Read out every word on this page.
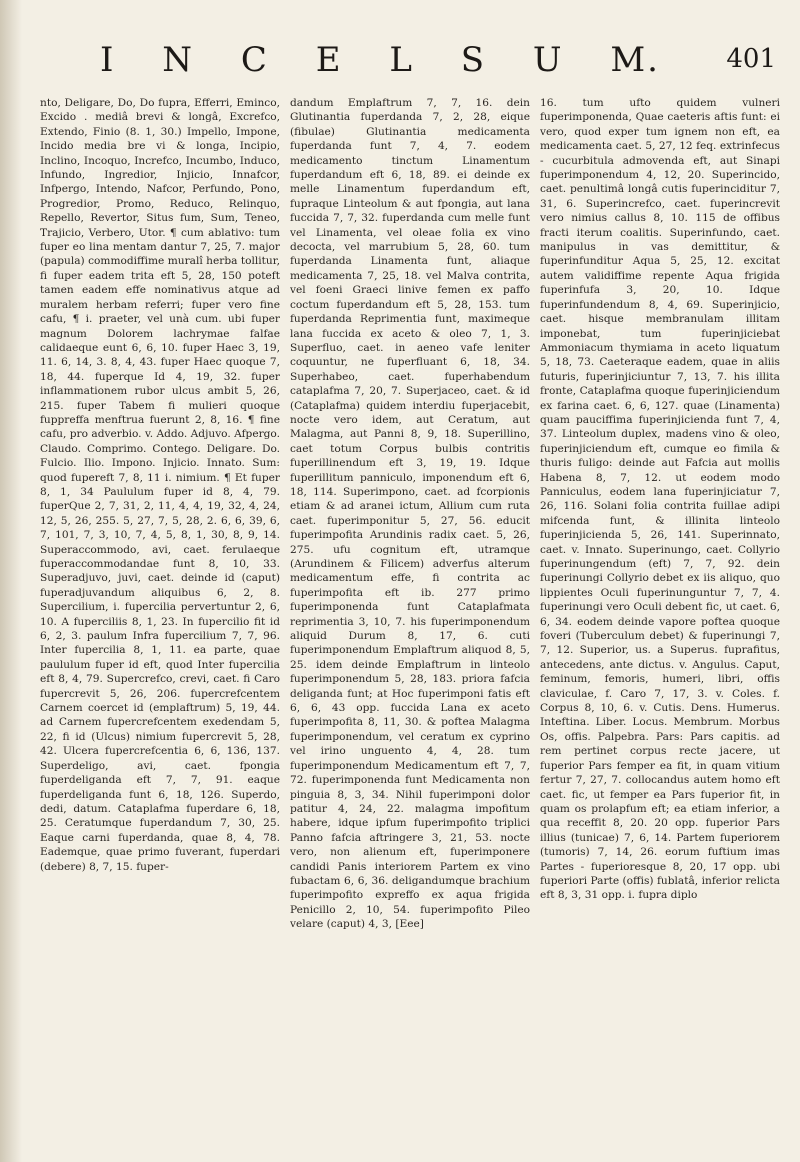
I N C E L S U M.	401

nto, Deligare, Do, Do fupra, Efferri, Eminco, Excido . mediâ brevi & longâ, Excrefco, Extendo, Finio (8. 1, 30.) Impello, Impone, Incido media bre vi & longa, Incipio, Inclino, Incoquo, Increfco, Incumbo, Induco, Infundo, Ingredior, Injicio, Innafcor, Infpergo, Intendo, Nafcor, Perfundo, Pono, Progredior, Promo, Reduco, Relinquo, Repello, Revertor, Situs fum, Sum, Teneo, Trajicio, Verbero, Utor. ¶ cum ablativo: tum fuper eo lina mentam dantur 7, 25, 7. major (papula) commodiffime muralî herba tollitur, fi fuper eadem trita eft 5, 28, 150 poteft tamen eadem effe nominativus atque ad muralem herbam referri; fuper vero fine cafu, ¶ i. praeter, vel unà cum. ubi fuper magnum Dolorem lachrymae falfae calidaeque eunt 6, 6, 10. fuper Haec 3, 19, 11. 6, 14, 3. 8, 4, 43. fuper Haec quoque 7, 18, 44. fuperque Id 4, 19, 32. fuper inflammationem rubor ulcus ambit 5, 26, 215. fuper Tabem fi mulieri quoque fuppreffa menftrua fuerunt 2, 8, 16. ¶ fine cafu, pro adverbio. v. Addo. Adjuvo. Afpergo. Claudo. Comprimo. Contego. Deligare. Do. Fulcio. Ilio. Impono. Injicio. Innato. Sum: quod fupereft 7, 8, 11 i. nimium. ¶ Et fuper 8, 1, 34 Paululum fuper id 8, 4, 79. fuperQue 2, 7, 31, 2, 11, 4, 4, 19, 32, 4, 24, 12, 5, 26, 255. 5, 27, 7, 5, 28, 2. 6, 6, 39, 6, 7, 101, 7, 3, 10, 7, 4, 5, 8, 1, 30, 8, 9, 14. Superaccommodo, avi, caet. ferulaeque fuperaccommodandae funt 8, 10, 33. Superadjuvo, juvi, caet. deinde id (caput) fuperadjuvandum aliquibus 6, 2, 8. Supercilium, i. fupercilia pervertuntur 2, 6, 10. A fuperciliis 8, 1, 23. In fupercilio fit id 6, 2, 3. paulum Infra fupercilium 7, 7, 96. Inter fupercilia 8, 1, 11. ea parte, quae paululum fuper id eft, quod Inter fupercilia eft 8, 4, 79. Supercrefco, crevi, caet. fi Caro fupercrevit 5, 26, 206. fupercrefcentem Carnem coercet id (emplaftrum) 5, 19, 44. ad Carnem fupercrefcentem exedendam 5, 22, fi id (Ulcus) nimium fupercrevit 5, 28, 42. Ulcera fupercrefcentia 6, 6, 136, 137. Superdeligo, avi, caet. fpongia fuperdeliganda eft 7, 7, 91. eaque fuperdeliganda funt 6, 18, 126. Superdo, dedi, datum. Cataplafma fuperdare 6, 18, 25. Ceratumque fuperdandum 7, 30, 25. Eaque carni fuperdanda, quae 8, 4, 78. Eademque, quae primo fuverant, fuperdari (debere) 8, 7, 15. fuper-

dandum Emplaftrum 7, 7, 16. dein Glutinantia fuperdanda 7, 2, 28, eique (fibulae) Glutinantia medicamenta fuperdanda funt 7, 4, 7. eodem medicamento tinctum Linamentum fuperdandum eft 6, 18, 89. ei deinde ex melle Linamentum fuperdandum eft, fupraque Linteolum & aut fpongia, aut lana fuccida 7, 7, 32. fuperdanda cum melle funt vel Linamenta, vel oleae folia ex vino decocta, vel marrubium 5, 28, 60. tum fuperdanda Linamenta funt, aliaque medicamenta 7, 25, 18. vel Malva contrita, vel foeni Graeci linive femen ex paffo coctum fuperdandum eft 5, 28, 153. tum fuperdanda Reprimentia funt, maximeque lana fuccida ex aceto & oleo 7, 1, 3. Superfluo, caet. in aeneo vafe leniter coquuntur, ne fuperfluant 6, 18, 34. Superhabeo, caet. fuperhabendum cataplafma 7, 20, 7. Superjaceo, caet. & id (Cataplafma) quidem interdiu fuperjacebit, nocte vero idem, aut Ceratum, aut Malagma, aut Panni 8, 9, 18. Superillino, caet totum Corpus bulbis contritis fuperillinendum eft 3, 19, 19. Idque fuperillitum panniculo, imponendum eft 6, 18, 114. Superimpono, caet. ad fcorpionis etiam & ad aranei ictum, Allium cum ruta caet. fuperimponitur 5, 27, 56. educit fuperimpofita Arundinis radix caet. 5, 26, 275. ufu cognitum eft, utramque (Arundinem & Filicem) adverfus alterum medicamentum effe, fi contrita ac fuperimpofita eft ib. 277 primo fuperimponenda funt Cataplafmata reprimentia 3, 10, 7. his fuperimponendum aliquid Durum 8, 17, 6. cuti fuperimponendum Emplaftrum aliquod 8, 5, 25. idem deinde Emplaftrum in linteolo fuperimponendum 5, 28, 183. priora fafcia deliganda funt; at Hoc fuperimponi fatis eft 6, 6, 43 opp. fuccida Lana ex aceto fuperimpofita 8, 11, 30. & poftea Malagma fuperimponendum, vel ceratum ex cyprino vel irino unguento 4, 4, 28. tum fuperimponendum Medicamentum eft 7, 7, 72. fuperimponenda funt Medicamenta non pinguia 8, 3, 34. Nihil fuperimponi dolor patitur 4, 24, 22. malagma impofitum habere, idque ipfum fuperimpofito triplici Panno fafcia aftringere 3, 21, 53. nocte vero, non alienum eft, fuperimponere candidi Panis interiorem Partem ex vino fubactam 6, 6, 36. deligandumque brachium fuperimpofito expreffo ex aqua frigida Penicillo 2, 10, 54. fuperimpofito Pileo velare (caput) 4, 3, [Eee]

16. tum ufto quidem vulneri fuperimponenda, Quae caeteris aftis funt: ei vero, quod exper tum ignem non eft, ea medicamenta caet. 5, 27, 12 feq. extrinfecus - cucurbitula admovenda eft, aut Sinapi fuperimponendum 4, 12, 20. Superincido, caet. penultimâ longâ cutis fuperinciditur 7, 31, 6. Superincrefco, caet. fuperincrevit vero nimius callus 8, 10. 115 de offibus fracti iterum coalitis. Superinfundo, caet. manipulus in vas demittitur, & fuperinfunditur Aqua 5, 25, 12. excitat autem validiffime repente Aqua frigida fuperinfufa 3, 20, 10. Idque fuperinfundendum 8, 4, 69. Superinjicio, caet. hisque membranulam illitam imponebat, tum fuperinjiciebat Ammoniacum thymiama in aceto liquatum 5, 18, 73. Caeteraque eadem, quae in aliis futuris, fuperinjiciuntur 7, 13, 7. his illita fronte, Cataplafma quoque fuperinjiciendum ex farina caet. 6, 6, 127. quae (Linamenta) quam pauciffima fuperinjicienda funt 7, 4, 37. Linteolum duplex, madens vino & oleo, fuperinjiciendum eft, cumque eo fimila & thuris fuligo: deinde aut Fafcia aut mollis Habena 8, 7, 12. ut eodem modo Panniculus, eodem lana fuperinjiciatur 7, 26, 116. Solani folia contrita fuillae adipi mifcenda funt, & illinita linteolo fuperinjicienda 5, 26, 141. Superinnato, caet. v. Innato. Superinungo, caet. Collyrio fuperinungendum (eft) 7, 7, 92. dein fuperinungi Collyrio debet ex iis aliquo, quo lippientes Oculi fuperinunguntur 7, 7, 4. fuperinungi vero Oculi debent fic, ut caet. 6, 6, 34. eodem deinde vapore poftea quoque foveri (Tuberculum debet) & fuperinungi 7, 7, 12. Superior, us. a Superus. fuprafitus, antecedens, ante dictus. v. Angulus. Caput, feminum, femoris, humeri, libri, offis claviculae, f. Caro 7, 17, 3. v. Coles. f. Corpus 8, 10, 6. v. Cutis. Dens. Humerus. Inteftina. Liber. Locus. Membrum. Morbus Os, offis. Palpebra. Pars: Pars capitis. ad rem pertinet corpus recte jacere, ut fuperior Pars femper ea fit, in quam vitium fertur 7, 27, 7. collocandus autem homo eft caet. fic, ut femper ea Pars fuperior fit, in quam os prolapfum eft; ea etiam inferior, a qua receffit 8, 20. 20 opp. fuperior Pars illius (tunicae) 7, 6, 14. Partem fuperiorem (tumoris) 7, 14, 26. eorum fuftium imas Partes - fuperioresque 8, 20, 17 opp. ubi fuperiori Parte (offis) fublatâ, inferior relicta eft 8, 3, 31 opp. i. fupra diplo
